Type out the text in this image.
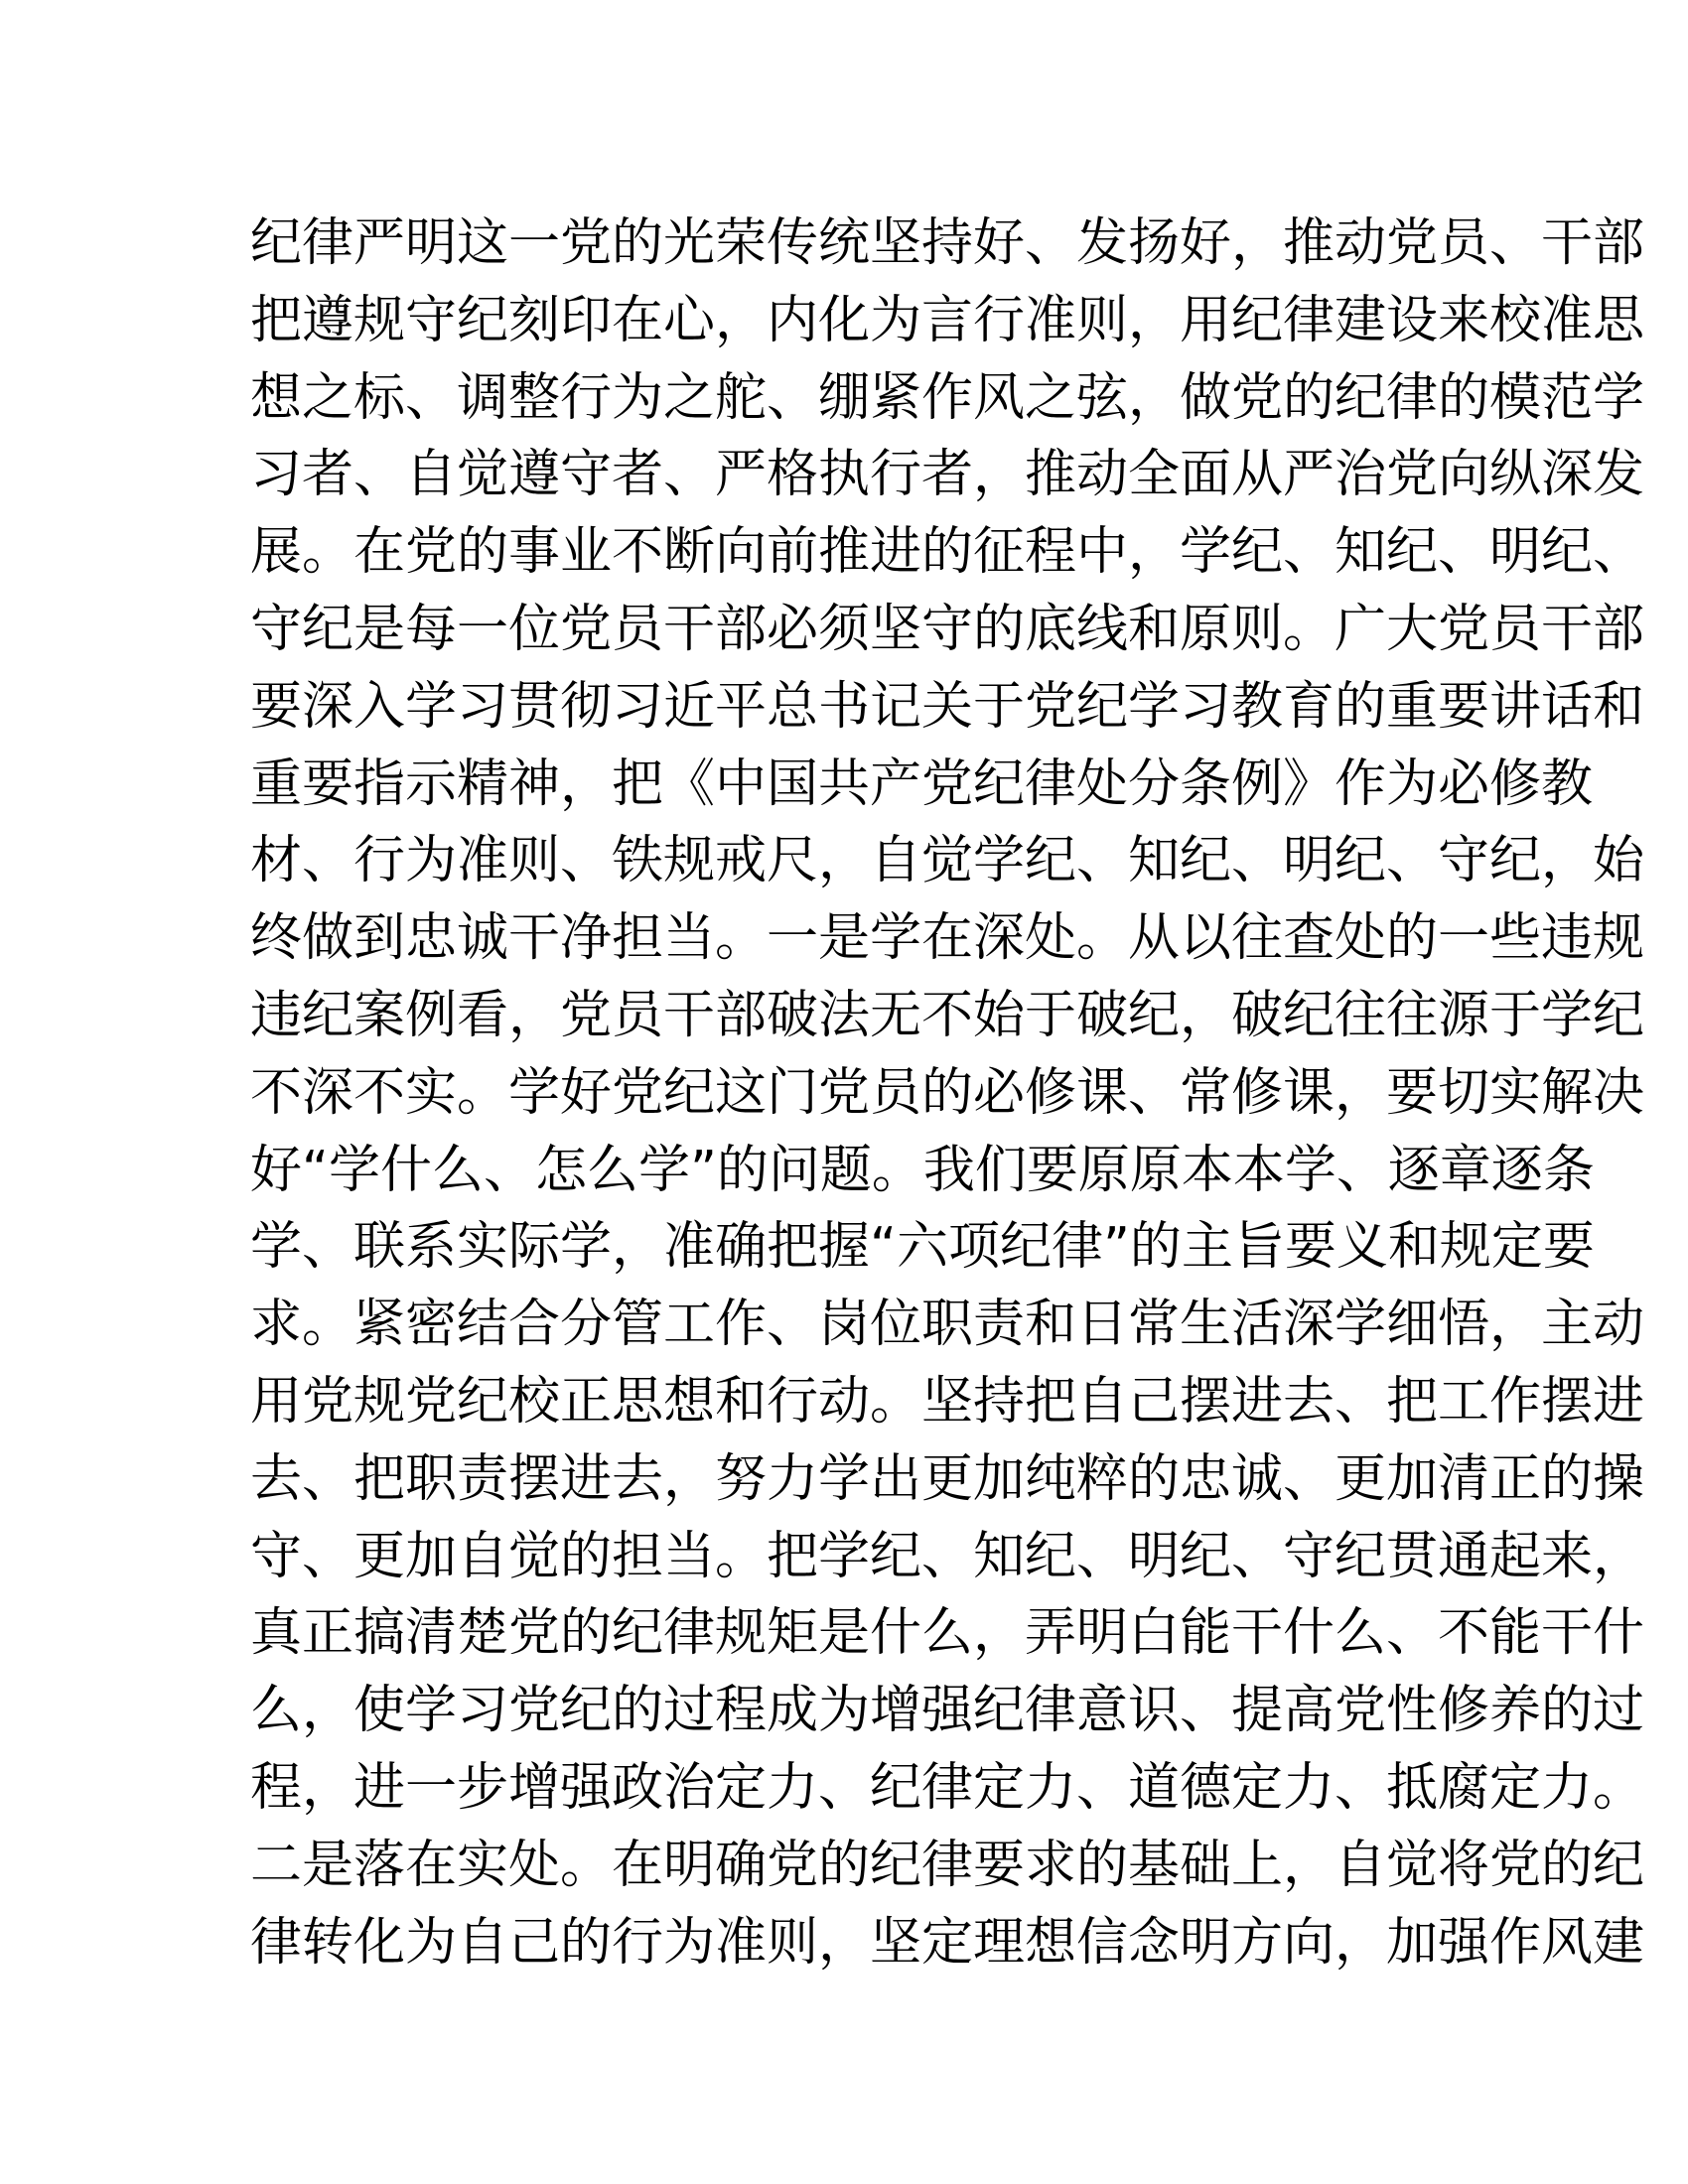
纪律严明这一党的光荣传统坚持好、发扬好，推动党员、干部
把遵规守纪刻印在心，内化为言行准则，用纪律建设来校准思
想之标、调整行为之舵、绷紧作风之弦，做党的纪律的模范学
习者、自觉遵守者、严格执行者，推动全面从严治党向纵深发
展。在党的事业不断向前推进的征程中，学纪、知纪、明纪、
守纪是每一位党员干部必须坚守的底线和原则。广大党员干部
要深入学习贯彻习近平总书记关于党纪学习教育的重要讲话和
重要指示精神，把《中国共产党纪律处分条例》作为必修教
材、行为准则、铁规戒尺，自觉学纪、知纪、明纪、守纪，始
终做到忠诚干净担当。一是学在深处。从以往查处的一些违规
违纪案例看，党员干部破法无不始于破纪，破纪往往源于学纪
不深不实。学好党纪这门党员的必修课、常修课，要切实解决
好“学什么、怎么学”的问题。我们要原原本本学、逐章逐条
学、联系实际学，准确把握“六项纪律”的主旨要义和规定要
求。紧密结合分管工作、岗位职责和日常生活深学细悟，主动
用党规党纪校正思想和行动。坚持把自己摆进去、把工作摆进
去、把职责摆进去，努力学出更加纯粹的忠诚、更加清正的操
守、更加自觉的担当。把学纪、知纪、明纪、守纪贯通起来，
真正搞清楚党的纪律规矩是什么，弄明白能干什么、不能干什
么，使学习党纪的过程成为增强纪律意识、提高党性修养的过
程，进一步增强政治定力、纪律定力、道德定力、抵腐定力。
二是落在实处。在明确党的纪律要求的基础上，自觉将党的纪
律转化为自己的行为准则，坚定理想信念明方向，加强作风建
